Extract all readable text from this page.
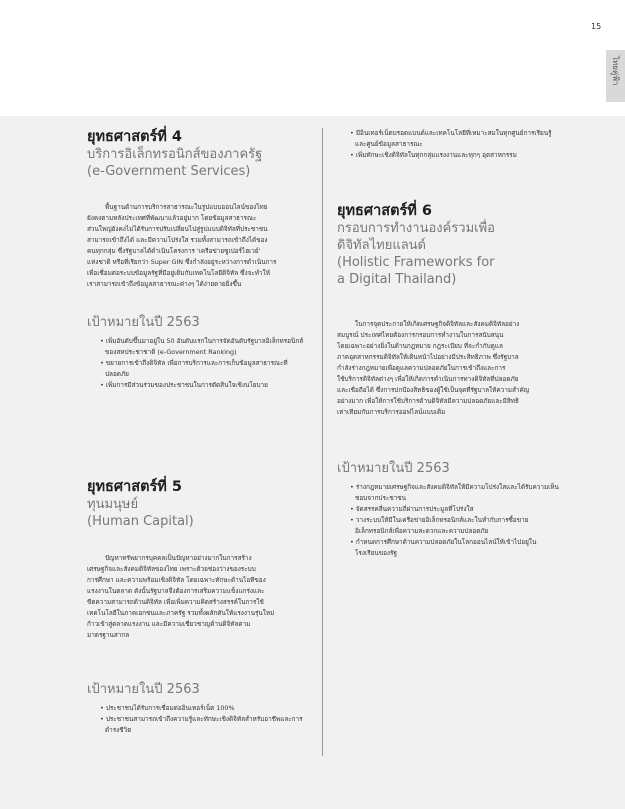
15
ไทยคู่ฟ้า
ยุทธศาสตร์ที่ 4
บริการอิเล็กทรอนิกส์ของภาครัฐ
(e-Government Services)

พื้นฐานด้านการบริการสาธารณะในรูปแบบออนไลน์ของไทย

ยังคงตามหลังประเทศที่พัฒนาแล้วอยู่มาก โดยข้อมูลสาธารณะ

ส่วนใหญ่ยังคงไม่ได้รับการปรับเปลี่ยนไปสู่รูปแบบดิจิทัลที่ประชาชน

สามารถเข้าถึงได้ และมีความโปร่งใส รวมทั้งสามารถเข้าถึงได้ของ

คนทุกกลุ่ม ซึ่งรัฐบาลได้ดำเนินโครงการ 'เครือข่ายซูเปอร์ไฮเวย์'

แห่งชาติ หรือที่เรียกว่า Super GIN ซึ่งกำลังอยู่ระหว่างการดำเนินการ

เพื่อเชื่อมต่อระบบข้อมูลรัฐที่มีอยู่เดิมกับเทคโนโลยีดิจิทัล ซึ่งจะทำให้

เราสามารถเข้าถึงข้อมูลสาธารณะต่างๆ ได้ง่ายดายยิ่งขึ้น

เป้าหมายในปี 2563
• เพิ่มอันดับขึ้นมาอยู่ใน 50 อันดับแรกในการจัดอันดับรัฐบาลอิเล็กทรอนิกส์ของสหประชาชาติ (e-Government Ranking)
• ขยายการเข้าถึงดิจิทัล เพื่อการบริการและการเก็บข้อมูลสาธารณะที่ปลอดภัย
• เพิ่มการมีส่วนร่วมของประชาชนในการตัดสินใจเชิงนโยบาย
ยุทธศาสตร์ที่ 5
ทุนมนุษย์
(Human Capital)

ปัญหาทรัพยากรบุคคลเป็นปัญหาอย่างมากในการสร้าง

เศรษฐกิจและสังคมดิจิทัลของไทย เพราะด้วยช่องว่างของระบบ

การศึกษา และความพร้อมเชิงดิจิทัล โดยเฉพาะทักษะด้านไอทีของ

แรงงานในตลาด ดังนั้นรัฐบาลจึงต้องการเสริมความแข็งแกร่งและ

ขีดความสามารถด้านดิจิทัล เพื่อเพิ่มความคิดสร้างสรรค์ในการใช้

เทคโนโลยีในภาคเอกชนและภาครัฐ รวมทั้งผลักดันให้แรงงานรุ่นใหม่

ก้าวเข้าสู่ตลาดแรงงาน และมีความเชี่ยวชาญด้านดิจิทัลตาม

มาตรฐานสากล

เป้าหมายในปี 2563
• ประชาชนได้รับการเชื่อมต่ออินเทอร์เน็ต 100%
• ประชาชนสามารถเข้าถึงความรู้และทักษะเชิงดิจิทัลสำหรับอาชีพและการดำรงชีวิต
• มีอินเทอร์เน็ตบรอดแบนด์และเทคโนโลยีที่เหมาะสมในทุกศูนย์การเรียนรู้และศูนย์ข้อมูลสาธารณะ
• เพิ่มทักษะเชิงดิจิทัลในทุกกลุ่มแรงงานและทุกๆ อุตสาหกรรม
ยุทธศาสตร์ที่ 6
กรอบการทำงานองค์รวมเพื่อ
ดิจิทัลไทยแลนด์
(Holistic Frameworks for
a Digital Thailand)

ในการจุดประกายให้เกิดเศรษฐกิจดิจิทัลและสังคมดิจิทัลอย่าง

สมบูรณ์ ประเทศไทยต้องการกรอบการทำงานในการสนับสนุน

โดยเฉพาะอย่างยิ่งในด้านกฎหมาย กฎระเบียบ ที่จะกำกับดูแล

ภาคอุตสาหกรรมดิจิทัลให้เดินหน้าไปอย่างมีประสิทธิภาพ ซึ่งรัฐบาล

กำลังร่างกฎหมายเพื่อดูแลความปลอดภัยในการเข้าถึงและการ

ใช้บริการดิจิทัลต่างๆ เพื่อให้เกิดการดำเนินการทางดิจิทัลที่ปลอดภัย

และเชื่อถือได้ ซึ่งการปกป้องสิทธิของผู้ใช้เป็นจุดที่รัฐบาลให้ความสำคัญ

อย่างมาก เพื่อให้การใช้บริการด้านดิจิทัลมีความปลอดภัยและมีสิทธิ

เท่าเทียมกันการบริการออฟไลน์แบบเดิม

เป้าหมายในปี 2563
• ร่างกฎหมายเศรษฐกิจและสังคมดิจิทัลให้มีความโปร่งใสและได้รับความเห็นชอบจากประชาชน
• จัดสรรคลื่นความถี่ผ่านการประมูลที่โปร่งใส
• วางระบบให้มีในเครือข่ายอิเล็กทรอนิกส์และในทำกับการซื้อขายอิเล็กทรอนิกส์เพื่อความสะดวกและความปลอดภัย
• กำหนดการศึกษาด้านความปลอดภัยในโลกออนไลน์ให้เข้าไปอยู่ในโรงเรียนของรัฐ
